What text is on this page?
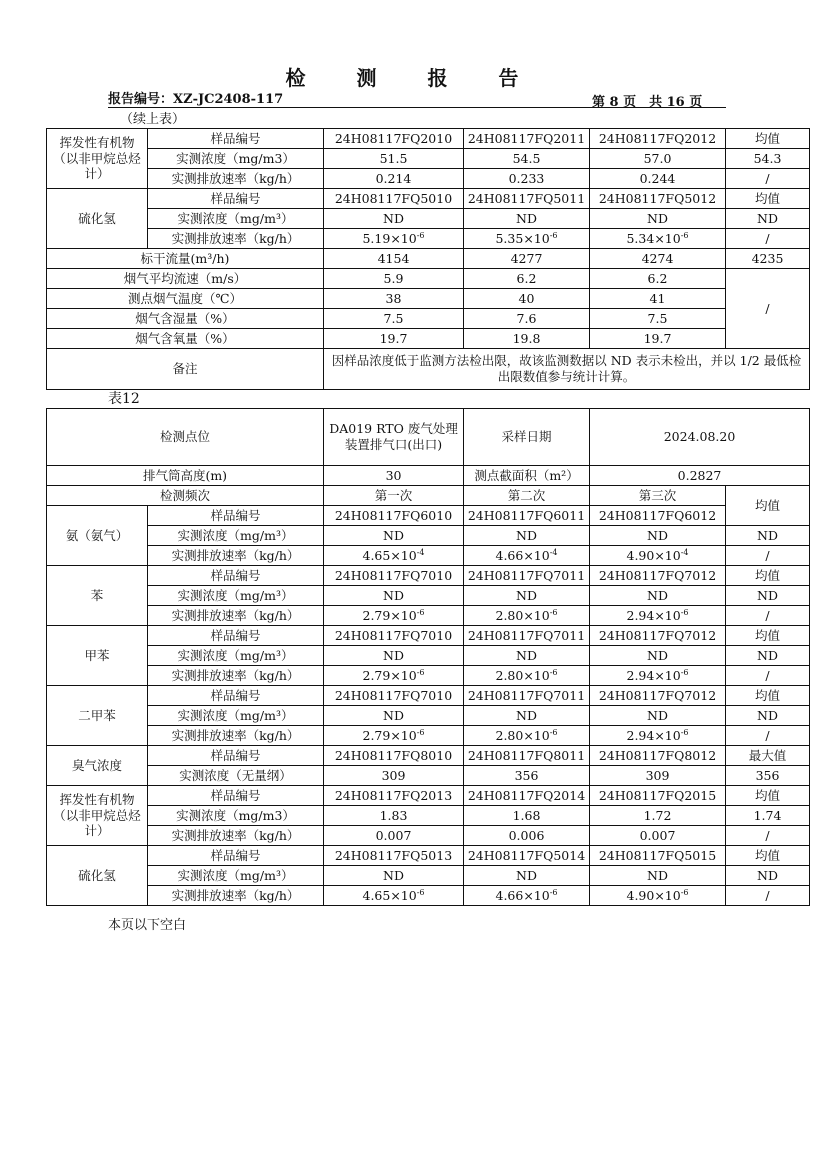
检 测 报 告
报告编号：XZ-JC2408-117	第 8 页　共 16 页
（续上表）
挥发性有机物（以非甲烷总烃计）	样品编号	24H08117FQ2010	24H08117FQ2011	24H08117FQ2012	均值
	实测浓度（mg/m3）	51.5	54.5	57.0	54.3
	实测排放速率（kg/h）	0.214	0.233	0.244	/
硫化氢	样品编号	24H08117FQ5010	24H08117FQ5011	24H08117FQ5012	均值
	实测浓度（mg/m³）	ND	ND	ND	ND
	实测排放速率（kg/h）	$5.19\times 10^{-6}$	$5.35\times 10^{-6}$	$5.34\times 10^{-6}$	/
标干流量(m³/h)		4154	4277	4274	4235
烟气平均流速（m/s）		5.9	6.2	6.2	/
测点烟气温度（℃）		38	40	41	
烟气含湿量（%）		7.5	7.6	7.5	
烟气含氧量（%）		19.7	19.8	19.7	
备注		因样品浓度低于监测方法检出限，故该监测数据以 ND 表示未检出，并以 1/2 最低检出限数值参与统计计算。			
表12
检测点位		DA019 RTO 废气处理装置排气口(出口)	采样日期	2024.08.20	
排气筒高度(m)		30	测点截面积（m²）	0.2827	
检测频次		第一次	第二次	第三次	均值
氨（氨气）	样品编号	24H08117FQ6010	24H08117FQ6011	24H08117FQ6012	
	实测浓度（mg/m³）	ND	ND	ND	ND
	实测排放速率（kg/h）	$4.65\times 10^{-4}$	$4.66\times 10^{-4}$	$4.90\times 10^{-4}$	/
苯	样品编号	24H08117FQ7010	24H08117FQ7011	24H08117FQ7012	均值
	实测浓度（mg/m³）	ND	ND	ND	ND
	实测排放速率（kg/h）	$2.79\times 10^{-6}$	$2.80\times 10^{-6}$	$2.94\times 10^{-6}$	/
甲苯	样品编号	24H08117FQ7010	24H08117FQ7011	24H08117FQ7012	均值
	实测浓度（mg/m³）	ND	ND	ND	ND
	实测排放速率（kg/h）	$2.79\times 10^{-6}$	$2.80\times 10^{-6}$	$2.94\times 10^{-6}$	/
二甲苯	样品编号	24H08117FQ7010	24H08117FQ7011	24H08117FQ7012	均值
	实测浓度（mg/m³）	ND	ND	ND	ND
	实测排放速率（kg/h）	$2.79\times 10^{-6}$	$2.80\times 10^{-6}$	$2.94\times 10^{-6}$	/
臭气浓度	样品编号	24H08117FQ8010	24H08117FQ8011	24H08117FQ8012	最大值
	实测浓度（无量纲）	309	356	309	356
挥发性有机物（以非甲烷总烃计）	样品编号	24H08117FQ2013	24H08117FQ2014	24H08117FQ2015	均值
	实测浓度（mg/m3）	1.83	1.68	1.72	1.74
	实测排放速率（kg/h）	0.007	0.006	0.007	/
硫化氢	样品编号	24H08117FQ5013	24H08117FQ5014	24H08117FQ5015	均值
	实测浓度（mg/m³）	ND	ND	ND	ND
	实测排放速率（kg/h）	$4.65\times 10^{-6}$	$4.66\times 10^{-6}$	$4.90\times 10^{-6}$	/
本页以下空白
